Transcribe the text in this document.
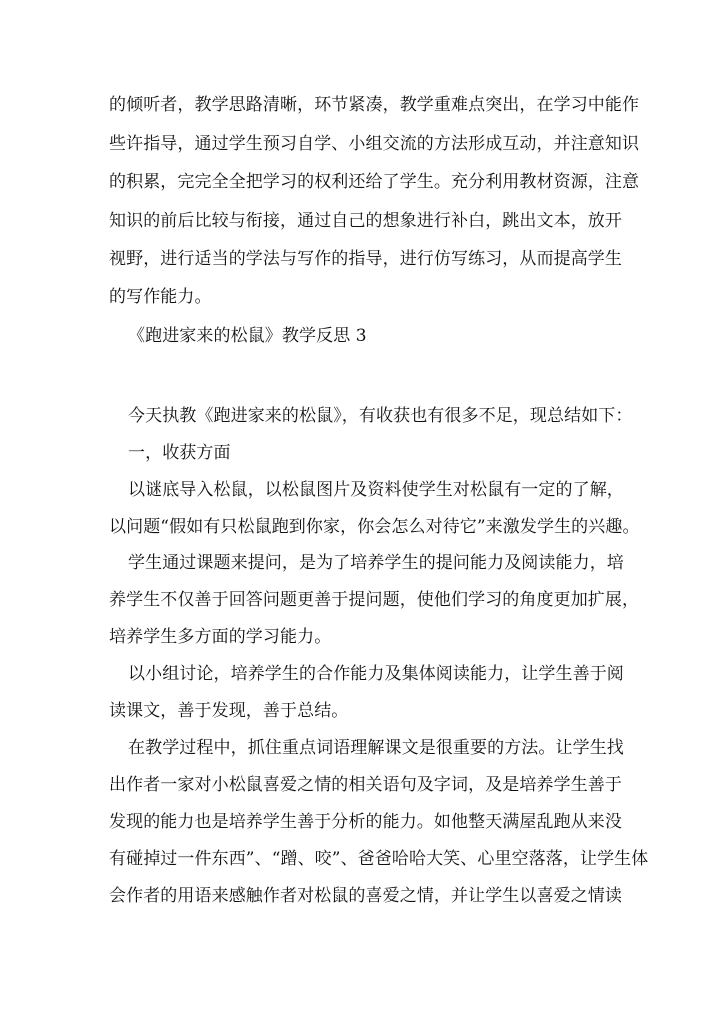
的倾听者，教学思路清晰，环节紧凑，教学重难点突出，在学习中能作
些许指导，通过学生预习自学、小组交流的方法形成互动，并注意知识
的积累，完完全全把学习的权利还给了学生。充分利用教材资源，注意
知识的前后比较与衔接，通过自己的想象进行补白，跳出文本，放开
视野，进行适当的学法与写作的指导，进行仿写练习，从而提高学生
的写作能力。
《跑进家来的松鼠》教学反思 3
今天执教《跑进家来的松鼠》，有收获也有很多不足，现总结如下：
一，收获方面
以谜底导入松鼠，以松鼠图片及资料使学生对松鼠有一定的了解，
以问题“假如有只松鼠跑到你家，你会怎么对待它”来激发学生的兴趣。
学生通过课题来提问，是为了培养学生的提问能力及阅读能力，培
养学生不仅善于回答问题更善于提问题，使他们学习的角度更加扩展，
培养学生多方面的学习能力。
以小组讨论，培养学生的合作能力及集体阅读能力，让学生善于阅
读课文，善于发现，善于总结。
在教学过程中，抓住重点词语理解课文是很重要的方法。让学生找
出作者一家对小松鼠喜爱之情的相关语句及字词，及是培养学生善于
发现的能力也是培养学生善于分析的能力。如他整天满屋乱跑从来没
有碰掉过一件东西”、“蹭、咬”、爸爸哈哈大笑、心里空落落，让学生体
会作者的用语来感触作者对松鼠的喜爱之情，并让学生以喜爱之情读
